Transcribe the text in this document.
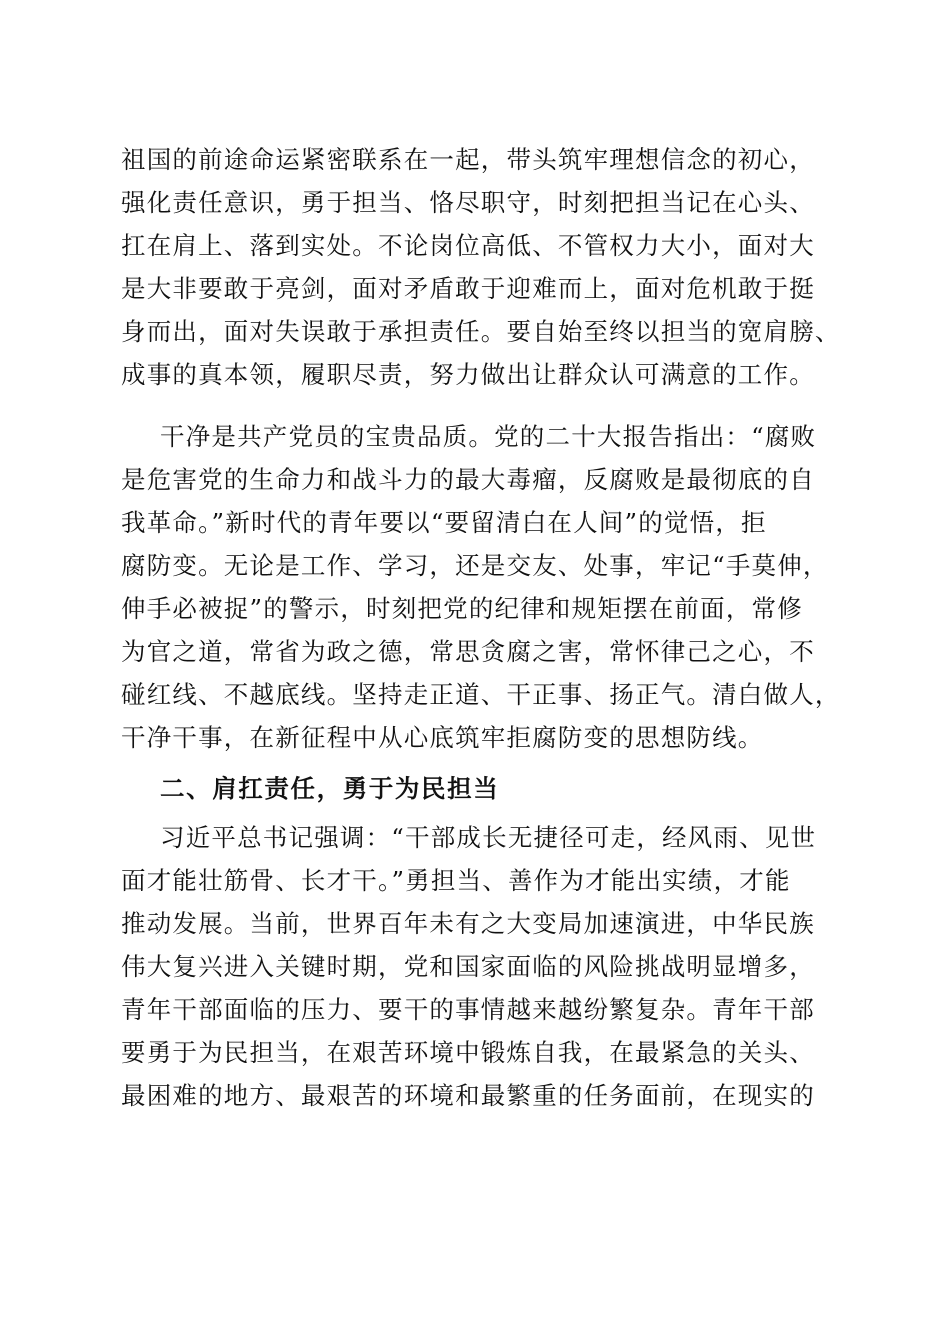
祖国的前途命运紧密联系在一起，带头筑牢理想信念的初心，
强化责任意识，勇于担当、恪尽职守，时刻把担当记在心头、
扛在肩上、落到实处。不论岗位高低、不管权力大小，面对大
是大非要敢于亮剑，面对矛盾敢于迎难而上，面对危机敢于挺
身而出，面对失误敢于承担责任。要自始至终以担当的宽肩膀、
成事的真本领，履职尽责，努力做出让群众认可满意的工作。
干净是共产党员的宝贵品质。党的二十大报告指出：“腐败
是危害党的生命力和战斗力的最大毒瘤，反腐败是最彻底的自
我革命。”新时代的青年要以“要留清白在人间”的觉悟，拒
腐防变。无论是工作、学习，还是交友、处事，牢记“手莫伸，
伸手必被捉”的警示，时刻把党的纪律和规矩摆在前面，常修
为官之道，常省为政之德，常思贪腐之害，常怀律己之心，不
碰红线、不越底线。坚持走正道、干正事、扬正气。清白做人，
干净干事，在新征程中从心底筑牢拒腐防变的思想防线。
二、肩扛责任，勇于为民担当
习近平总书记强调：“干部成长无捷径可走，经风雨、见世
面才能壮筋骨、长才干。”勇担当、善作为才能出实绩，才能
推动发展。当前，世界百年未有之大变局加速演进，中华民族
伟大复兴进入关键时期，党和国家面临的风险挑战明显增多，
青年干部面临的压力、要干的事情越来越纷繁复杂。青年干部
要勇于为民担当，在艰苦环境中锻炼自我，在最紧急的关头、
最困难的地方、最艰苦的环境和最繁重的任务面前，在现实的
